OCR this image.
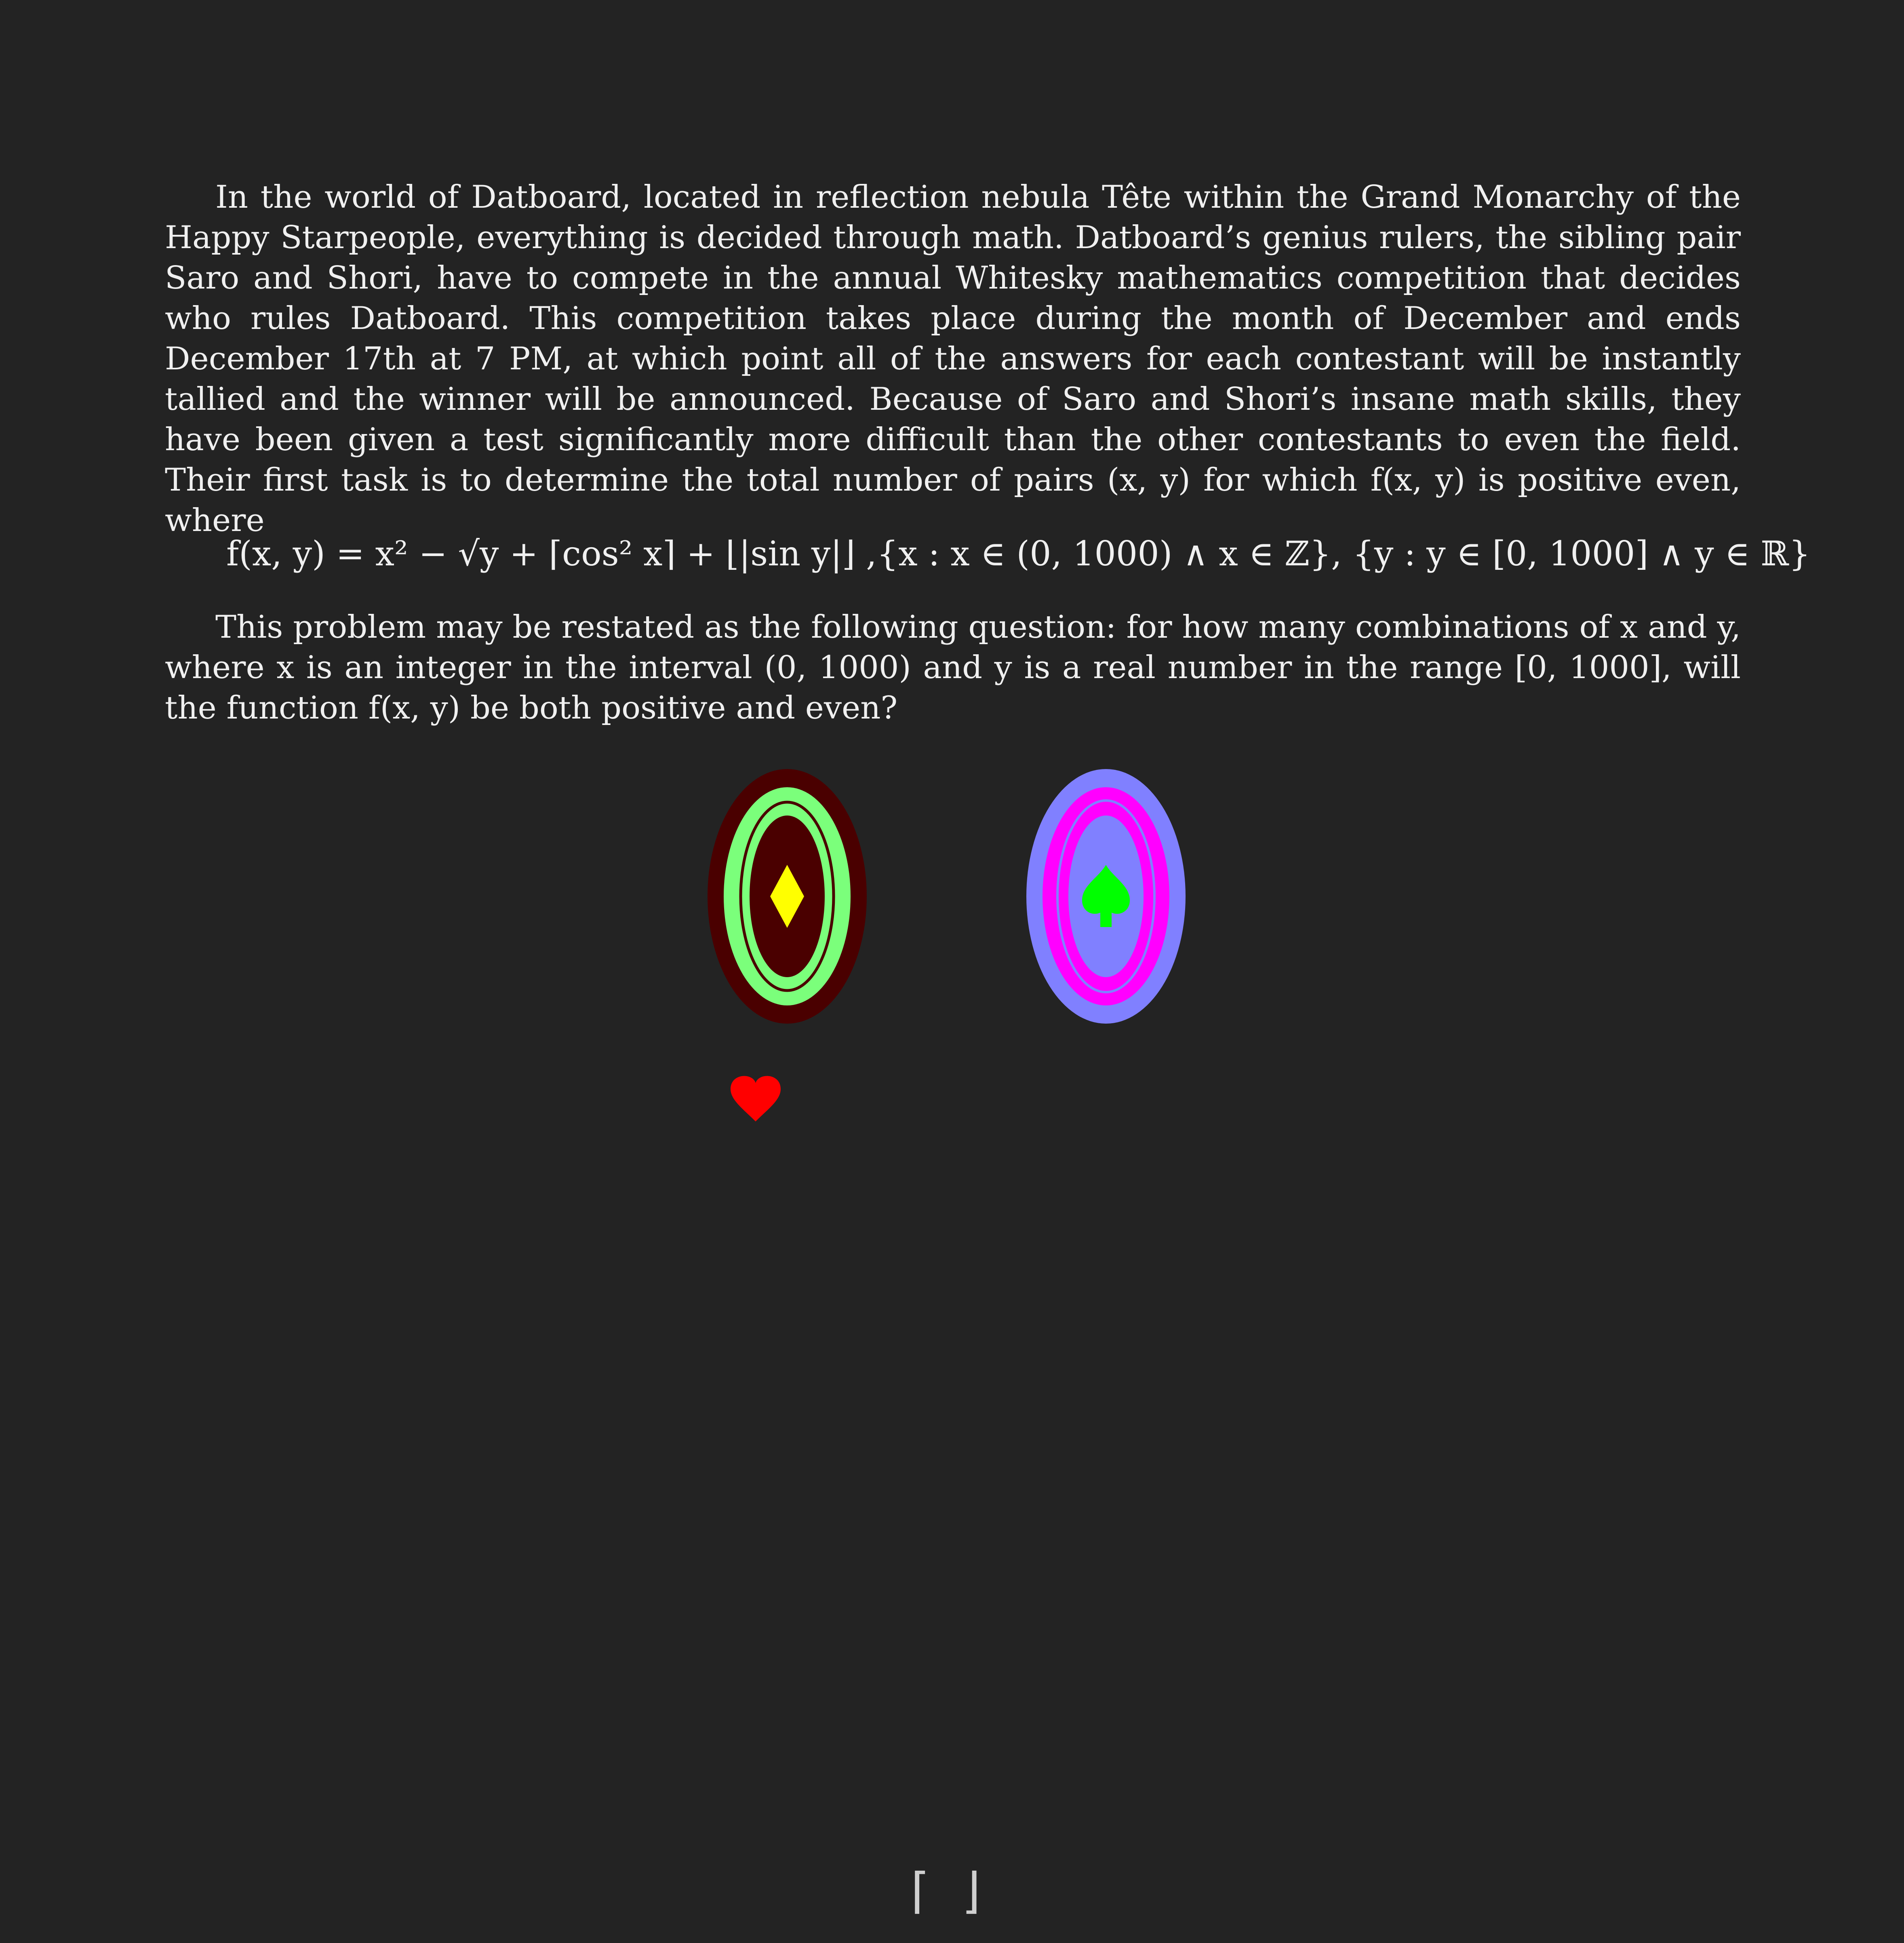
In the world of Datboard, located in reflection nebula Tête within the Grand Monarchy of the Happy Starpeople, everything is decided through math. Datboard’s genius rulers, the sibling pair Saro and Shori, have to compete in the annual Whitesky mathematics competition that decides who rules Datboard. This competition takes place during the month of December and ends December 17th at 7 PM, at which point all of the answers for each contestant will be instantly tallied and the winner will be announced. Because of Saro and Shori’s insane math skills, they have been given a test significantly more difficult than the other contestants to even the field. Their first task is to determine the total number of pairs (x, y) for which f(x, y) is positive even, where

f(x, y) = x² − √y + ⌈cos² x⌉ + ⌊|sin y|⌋ , {x : x ∈ (0, 1000) ∧ x ∈ ℤ}, {y : y ∈ [0, 1000] ∧ y ∈ ℝ}

This problem may be restated as the following question: for how many combinations of x and y, where x is an integer in the interval (0, 1000) and y is a real number in the range [0, 1000], will the function f(x, y) be both positive and even?

⌈ ⌋
